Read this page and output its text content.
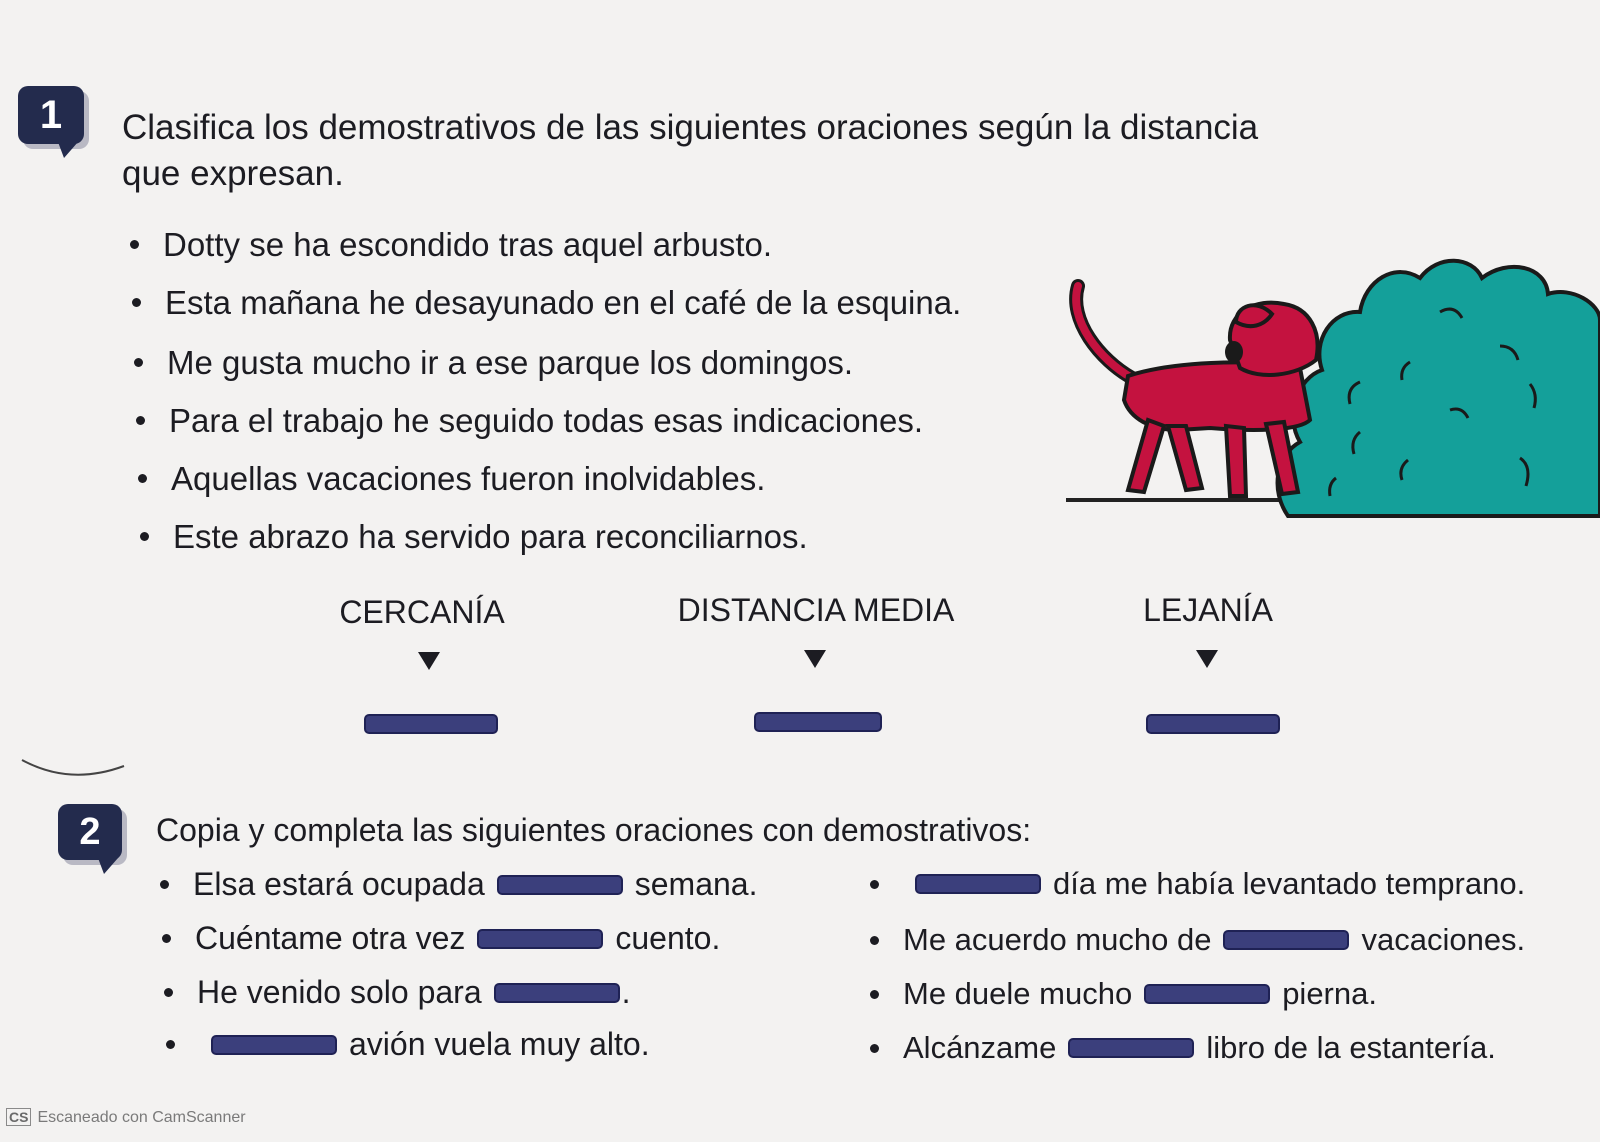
1	Clasifica los demostrativos de las siguientes oraciones según la distancia
que expresan.
Dotty se ha escondido tras aquel arbusto.
Esta mañana he desayunado en el café de la esquina.
Me gusta mucho ir a ese parque los domingos.
Para el trabajo he seguido todas esas indicaciones.
Aquellas vacaciones fueron inolvidables.
Este abrazo ha servido para reconciliarnos.
CERCANÍA	DISTANCIA MEDIA	LEJANÍA
2	Copia y completa las siguientes oraciones con demostrativos:
Elsa estará ocupada	semana.
Cuéntame otra vez	cuento.
He venido solo para	.
avión vuela muy alto.
día me había levantado temprano.
Me acuerdo mucho de	vacaciones.
Me duele mucho	pierna.
Alcánzame	libro de la estantería.
CS Escaneado con CamScanner
